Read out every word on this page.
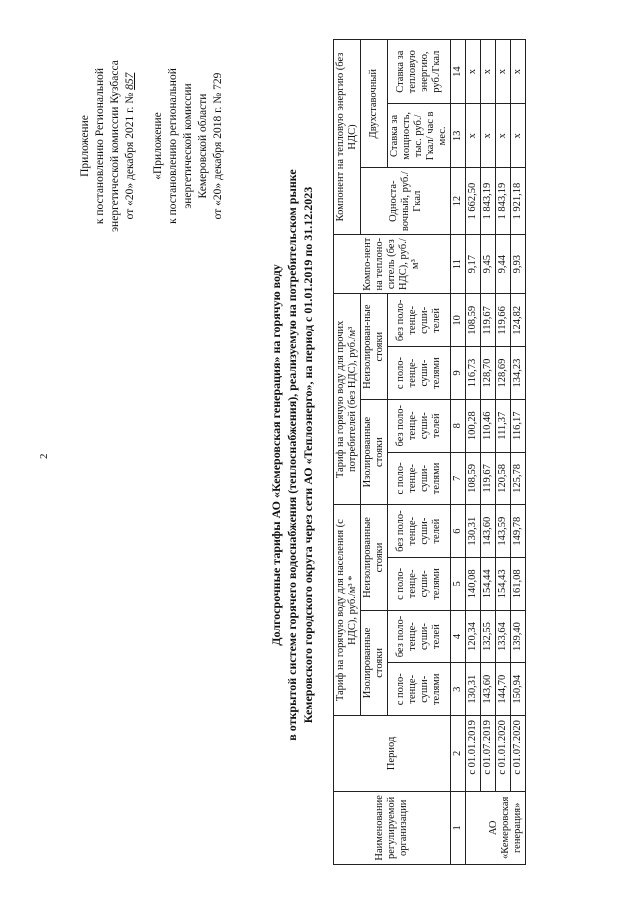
2

Приложение к постановлению Региональной энергетической комиссии Кузбасса от «20» декабря 2021 г. № 857

«Приложение к постановлению региональной энергетической комиссии Кемеровской области от «20» декабря 2018 г. № 729

Долгосрочные тарифы АО «Кемеровская генерация» на горячую воду в открытой системе горячего водоснабжения (теплоснабжения), реализуемую на потребительском рынке Кемеровского городского округа через сети АО «Теплоэнерго», на период с 01.01.2019 по 31.12.2023

Наименование регулируемой организации	Период	Тариф на горячую воду для населения (с НДС), руб./м³ *				Тариф на горячую воду для прочих потребителей (без НДС), руб./м³				Компо-нент на теплоно-ситель (без НДС), руб./м³	Компонент на тепловую энергию (без НДС)		
		Изолированные стояки		Неизолированные стояки		Изолированные стояки		Неизолирован-ные стояки			Односта-вочный, руб./Гкал	Двухставочный	
		с поло-тенце-суши-телями	без поло-тенце-суши-телей	с поло-тенце-суши-телями	без поло-тенце-суши-телей	с поло-тенце-суши-телями	без поло-тенце-суши-телей	с поло-тенце-суши-телями	без поло-тенце-суши-телей			Ставка за мощность, тыс. руб./ Гкал/ час в мес.	Ставка за тепловую энергию, руб./Гкал
1	2	3	4	5	6	7	8	9	10	11	12	13	14
АО «Кемеровская генерация»	с 01.01.2019	130,31	120,34	140,08	130,31	108,59	100,28	116,73	108,59	9,17	1 662,50	x	x
	с 01.07.2019	143,60	132,55	154,44	143,60	119,67	110,46	128,70	119,67	9,45	1 843,19	x	x
	с 01.01.2020	144,70	133,64	154,43	143,59	120,58	111,37	128,69	119,66	9,44	1 843,19	x	x
	с 01.07.2020	150,94	139,40	161,08	149,78	125,78	116,17	134,23	124,82	9,93	1 921,18	x	x
